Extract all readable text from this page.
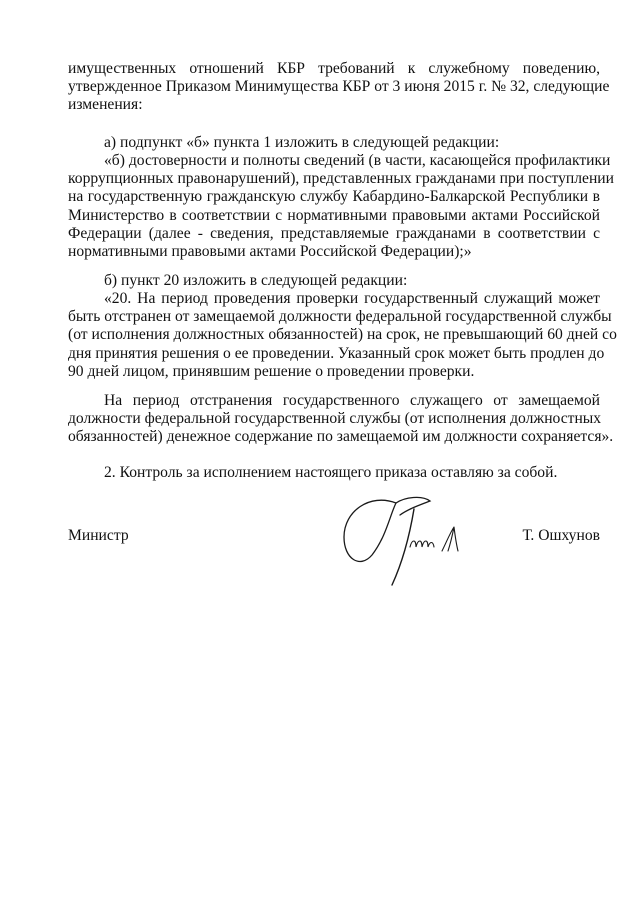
имущественных отношений КБР требований к служебному поведению,
утвержденное Приказом Минимущества КБР от 3 июня 2015 г. № 32, следующие
изменения:
а) подпункт «б» пункта 1 изложить в следующей редакции:
«б) достоверности и полноты сведений (в части, касающейся профилактики
коррупционных правонарушений), представленных гражданами при поступлении
на государственную гражданскую службу Кабардино-Балкарской Республики в
Министерство в соответствии с нормативными правовыми актами Российской
Федерации (далее - сведения, представляемые гражданами в соответствии с
нормативными правовыми актами Российской Федерации);»
б) пункт 20 изложить в следующей редакции:
«20. На период проведения проверки государственный служащий может
быть отстранен от замещаемой должности федеральной государственной службы
(от исполнения должностных обязанностей) на срок, не превышающий 60 дней со
дня принятия решения о ее проведении. Указанный срок может быть продлен до
90 дней лицом, принявшим решение о проведении проверки.
На период отстранения государственного служащего от замещаемой
должности федеральной государственной службы (от исполнения должностных
обязанностей) денежное содержание по замещаемой им должности сохраняется».
2. Контроль за исполнением настоящего приказа оставляю за собой.
Министр	Т. Ошхунов
